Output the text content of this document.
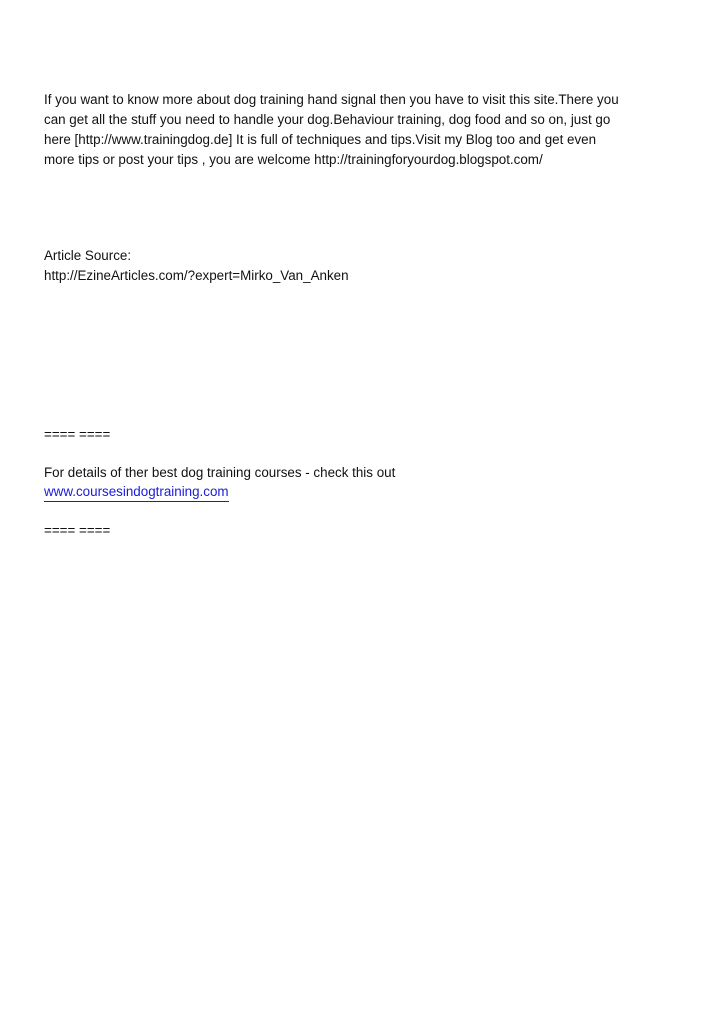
If you want to know more about dog training hand signal then you have to visit this site.There you
can get all the stuff you need to handle your dog.Behaviour training, dog food and so on, just go
here [http://www.trainingdog.de] It is full of techniques and tips.Visit my Blog too and get even
more tips or post your tips , you are welcome http://trainingforyourdog.blogspot.com/

Article Source:

http://EzineArticles.com/?expert=Mirko_Van_Anken

==== ====

For details of ther best dog training courses - check this out

www.coursesindogtraining.com

==== ====
